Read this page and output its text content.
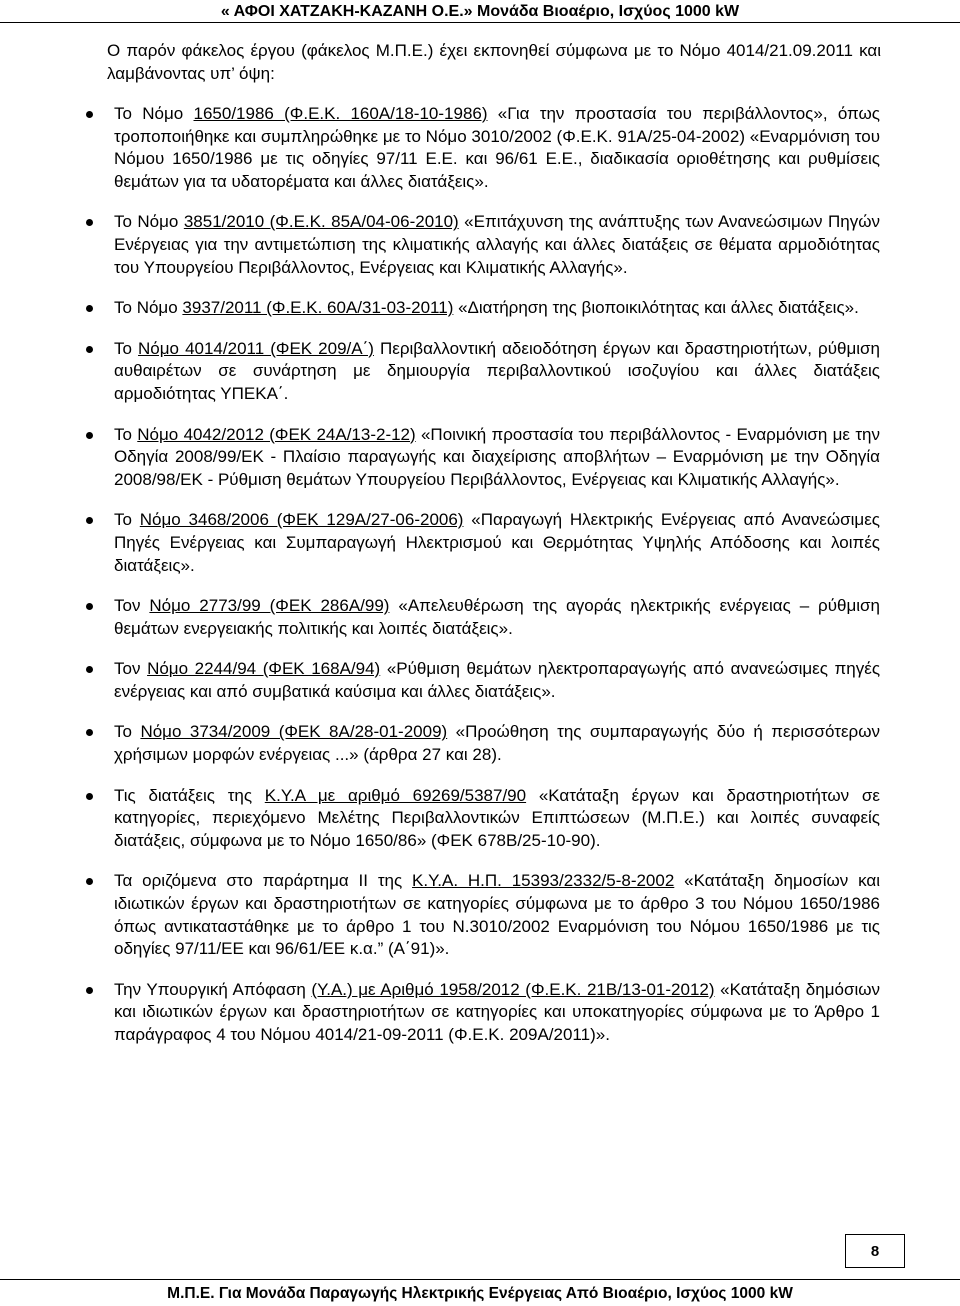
« ΑΦΟΙ ΧΑΤΖΑΚΗ-ΚΑΖΑΝΗ Ο.Ε.» Μονάδα Βιοαέριο, Ισχύος 1000 kW

Ο παρόν φάκελος έργου (φάκελος Μ.Π.Ε.) έχει εκπονηθεί σύμφωνα με το Νόμο 4014/21.09.2011 και λαμβάνοντας υπ’ όψη:

Το Νόμο 1650/1986 (Φ.Ε.Κ. 160Α/18-10-1986) «Για την προστασία του περιβάλλοντος», όπως τροποποιήθηκε και συμπληρώθηκε με το Νόμο 3010/2002 (Φ.Ε.Κ. 91Α/25-04-2002) «Εναρμόνιση του Νόμου 1650/1986 με τις οδηγίες 97/11 Ε.Ε. και 96/61 Ε.Ε., διαδικασία οριοθέτησης και ρυθμίσεις θεμάτων για τα υδατορέματα και άλλες διατάξεις».
Το Νόμο 3851/2010 (Φ.Ε.Κ. 85Α/04-06-2010) «Επιτάχυνση της ανάπτυξης των Ανανεώσιμων Πηγών Ενέργειας για την αντιμετώπιση της κλιματικής αλλαγής και άλλες διατάξεις σε θέματα αρμοδιότητας του Υπουργείου Περιβάλλοντος, Ενέργειας και Κλιματικής Αλλαγής».
Το Νόμο 3937/2011 (Φ.Ε.Κ. 60Α/31-03-2011) «Διατήρηση της βιοποικιλότητας και άλλες διατάξεις».
Το Νόμο 4014/2011 (ΦΕΚ 209/Α΄) Περιβαλλοντική αδειοδότηση έργων και δραστηριοτήτων, ρύθμιση αυθαιρέτων σε συνάρτηση με δημιουργία περιβαλλοντικού ισοζυγίου και άλλες διατάξεις αρμοδιότητας ΥΠΕΚΑ΄.
Το Νόμο 4042/2012 (ΦΕΚ 24Α/13-2-12) «Ποινική προστασία του περιβάλλοντος - Εναρμόνιση με την Οδηγία 2008/99/ΕΚ - Πλαίσιο παραγωγής και διαχείρισης αποβλήτων – Εναρμόνιση με την Οδηγία 2008/98/ΕΚ - Ρύθμιση θεμάτων Υπουργείου Περιβάλλοντος, Ενέργειας και Κλιματικής Αλλαγής».
Το Νόμο 3468/2006 (ΦΕΚ 129Α/27-06-2006) «Παραγωγή Ηλεκτρικής Ενέργειας από Ανανεώσιμες Πηγές Ενέργειας και Συμπαραγωγή Ηλεκτρισμού και Θερμότητας Υψηλής Απόδοσης και λοιπές διατάξεις».
Τον Νόμο 2773/99 (ΦΕΚ 286Α/99) «Απελευθέρωση της αγοράς ηλεκτρικής ενέργειας – ρύθμιση θεμάτων ενεργειακής πολιτικής και λοιπές διατάξεις».
Τον Νόμο 2244/94 (ΦΕΚ 168Α/94) «Ρύθμιση θεμάτων ηλεκτροπαραγωγής από ανανεώσιμες πηγές ενέργειας και από συμβατικά καύσιμα και άλλες διατάξεις».
Το Νόμο 3734/2009 (ΦΕΚ 8Α/28-01-2009) «Προώθηση της συμπαραγωγής δύο ή περισσότερων χρήσιμων μορφών ενέργειας ...» (άρθρα 27 και 28).
Τις διατάξεις της Κ.Υ.Α με αριθμό 69269/5387/90 «Κατάταξη έργων και δραστηριοτήτων σε κατηγορίες, περιεχόμενο Μελέτης Περιβαλλοντικών Επιπτώσεων (Μ.Π.Ε.) και λοιπές συναφείς διατάξεις, σύμφωνα με το Νόμο 1650/86» (ΦΕΚ 678Β/25-10-90).
Τα οριζόμενα στο παράρτημα ΙΙ της Κ.Υ.Α. Η.Π. 15393/2332/5-8-2002 «Κατάταξη δημοσίων και ιδιωτικών έργων και δραστηριοτήτων σε κατηγορίες σύμφωνα με το άρθρο 3 του Νόμου 1650/1986 όπως αντικαταστάθηκε με το άρθρο 1 του Ν.3010/2002 Εναρμόνιση του Νόμου 1650/1986 με τις οδηγίες 97/11/ΕΕ και 96/61/ΕΕ κ.α.” (Α΄91)».
Την Υπουργική Απόφαση (Υ.Α.) με Αριθμό 1958/2012 (Φ.Ε.Κ. 21Β/13-01-2012) «Κατάταξη δημόσιων και ιδιωτικών έργων και δραστηριοτήτων σε κατηγορίες και υποκατηγορίες σύμφωνα με το Άρθρο 1 παράγραφος 4 του Νόμου 4014/21-09-2011 (Φ.Ε.Κ. 209Α/2011)».
8
Μ.Π.Ε. Για Μονάδα Παραγωγής Ηλεκτρικής Ενέργειας Από Βιοαέριο, Ισχύος 1000 kW
